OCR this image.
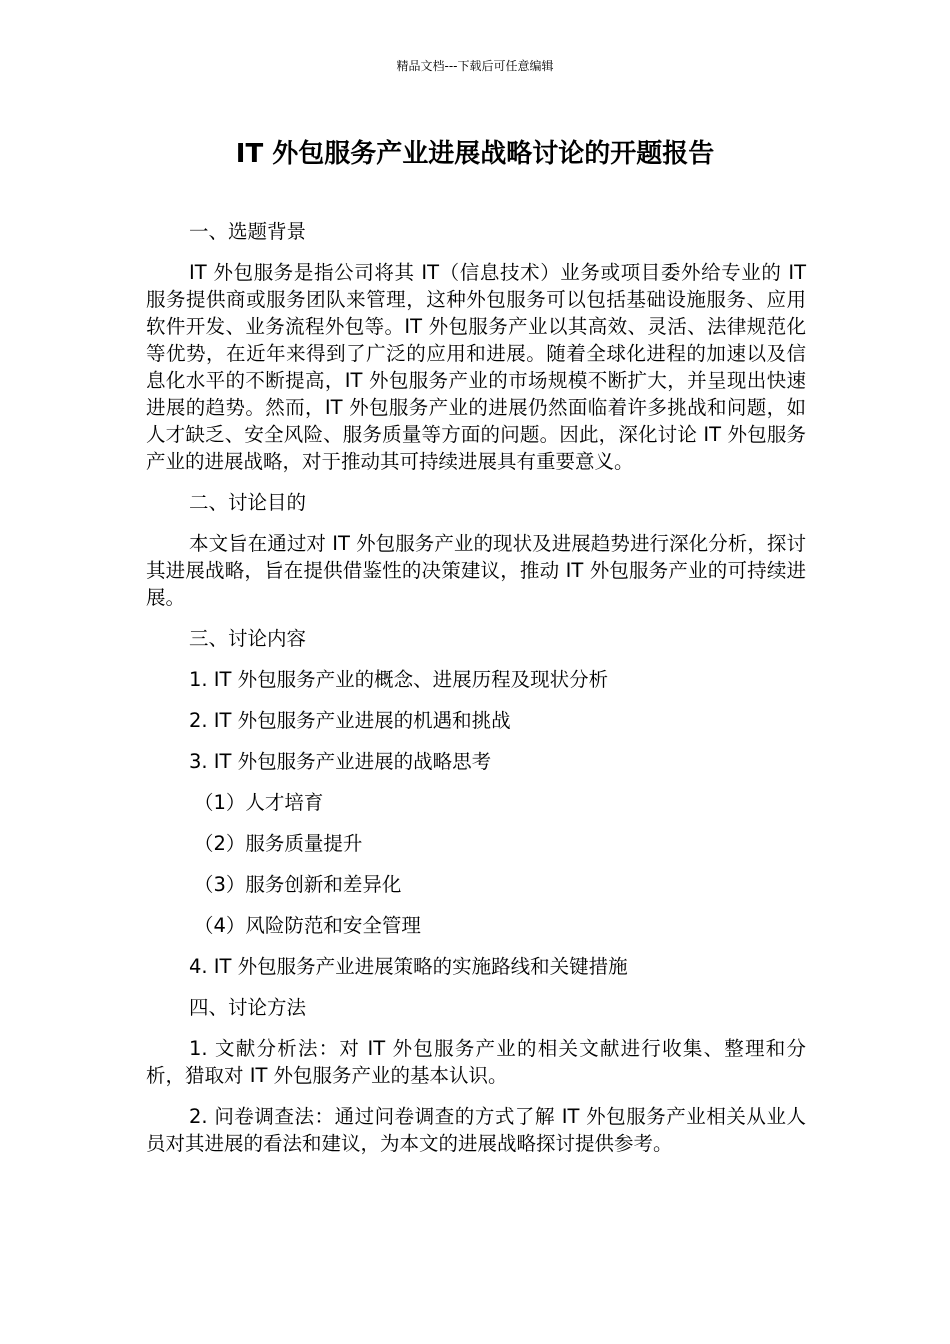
精品文档---下载后可任意编辑
IT 外包服务产业进展战略讨论的开题报告
一、选题背景
IT 外包服务是指公司将其 IT（信息技术）业务或项目委外给专业的 IT 服务提供商或服务团队来管理，这种外包服务可以包括基础设施服务、应用软件开发、业务流程外包等。IT 外包服务产业以其高效、灵活、法律规范化等优势，在近年来得到了广泛的应用和进展。随着全球化进程的加速以及信息化水平的不断提高，IT 外包服务产业的市场规模不断扩大，并呈现出快速进展的趋势。然而，IT 外包服务产业的进展仍然面临着许多挑战和问题，如人才缺乏、安全风险、服务质量等方面的问题。因此，深化讨论 IT 外包服务产业的进展战略，对于推动其可持续进展具有重要意义。
二、讨论目的
本文旨在通过对 IT 外包服务产业的现状及进展趋势进行深化分析，探讨其进展战略，旨在提供借鉴性的决策建议，推动 IT 外包服务产业的可持续进展。
三、讨论内容
1. IT 外包服务产业的概念、进展历程及现状分析
2. IT 外包服务产业进展的机遇和挑战
3. IT 外包服务产业进展的战略思考
（1）人才培育
（2）服务质量提升
（3）服务创新和差异化
（4）风险防范和安全管理
4. IT 外包服务产业进展策略的实施路线和关键措施
四、讨论方法
1. 文献分析法：对 IT 外包服务产业的相关文献进行收集、整理和分析，猎取对 IT 外包服务产业的基本认识。
2. 问卷调查法：通过问卷调查的方式了解 IT 外包服务产业相关从业人员对其进展的看法和建议，为本文的进展战略探讨提供参考。
